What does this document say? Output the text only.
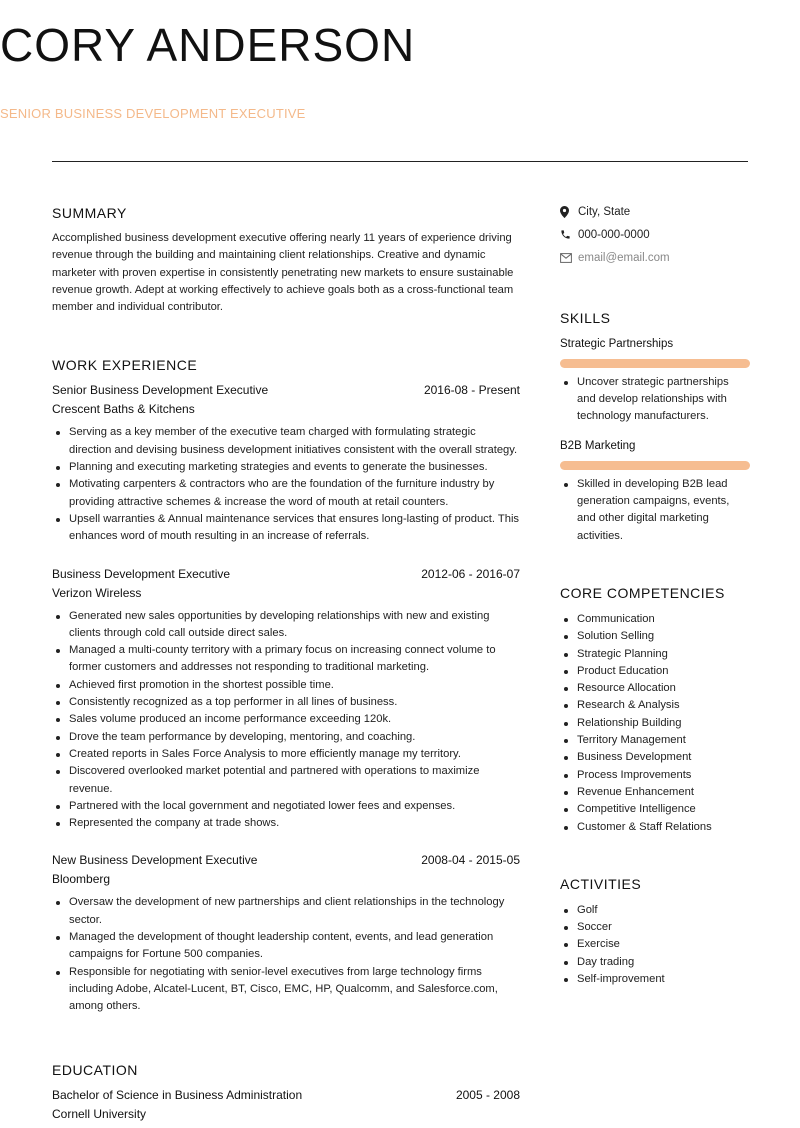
CORY ANDERSON
SENIOR BUSINESS DEVELOPMENT EXECUTIVE
SUMMARY

Accomplished business development executive offering nearly 11 years of experience driving revenue through the building and maintaining client relationships. Creative and dynamic marketer with proven expertise in consistently penetrating new markets to ensure sustainable revenue growth. Adept at working effectively to achieve goals both as a cross-functional team member and individual contributor.

WORK EXPERIENCE
Senior Business Development Executive	2016-08 - Present
Crescent Baths & Kitchens
Serving as a key member of the executive team charged with formulating strategic direction and devising business development initiatives consistent with the overall strategy.
Planning and executing marketing strategies and events to generate the businesses.
Motivating carpenters & contractors who are the foundation of the furniture industry by providing attractive schemes & increase the word of mouth at retail counters.
Upsell warranties & Annual maintenance services that ensures long-lasting of product. This enhances word of mouth resulting in an increase of referrals.
Business Development Executive	2012-06 - 2016-07
Verizon Wireless
Generated new sales opportunities by developing relationships with new and existing clients through cold call outside direct sales.
Managed a multi-county territory with a primary focus on increasing connect volume to former customers and addresses not responding to traditional marketing.
Achieved first promotion in the shortest possible time.
Consistently recognized as a top performer in all lines of business.
Sales volume produced an income performance exceeding 120k.
Drove the team performance by developing, mentoring, and coaching.
Created reports in Sales Force Analysis to more efficiently manage my territory.
Discovered overlooked market potential and partnered with operations to maximize revenue.
Partnered with the local government and negotiated lower fees and expenses.
Represented the company at trade shows.
New Business Development Executive	2008-04 - 2015-05
Bloomberg
Oversaw the development of new partnerships and client relationships in the technology sector.
Managed the development of thought leadership content, events, and lead generation campaigns for Fortune 500 companies.
Responsible for negotiating with senior-level executives from large technology firms including Adobe, Alcatel-Lucent, BT, Cisco, EMC, HP, Qualcomm, and Salesforce.com, among others.
EDUCATION
Bachelor of Science in Business Administration	2005 - 2008
Cornell University
City, State
000-000-0000
email@email.com
SKILLS
Strategic Partnerships
Uncover strategic partnerships and develop relationships with technology manufacturers.
B2B Marketing
Skilled in developing B2B lead generation campaigns, events, and other digital marketing activities.
CORE COMPETENCIES
Communication
Solution Selling
Strategic Planning
Product Education
Resource Allocation
Research & Analysis
Relationship Building
Territory Management
Business Development
Process Improvements
Revenue Enhancement
Competitive Intelligence
Customer & Staff Relations
ACTIVITIES
Golf
Soccer
Exercise
Day trading
Self-improvement
